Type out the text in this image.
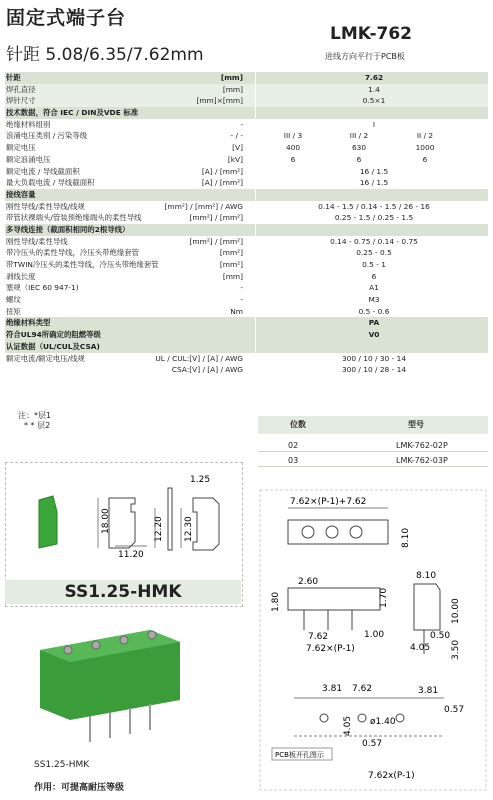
固定式端子台
针距 5.08/6.35/7.62mm
LMK-762
进线方向平行于PCB板
针距	[mm]	7.62
焊孔直径	[mm]	1.4
焊针尺寸	[mm]×[mm]	0.5×1
技术数据，符合 IEC / DIN及VDE 标准
绝缘材料组别	-	I
浪涌电压类别 / 污染等级	- / -	III / 3	III / 2	II / 2
额定电压	[V]	400	630	1000
额定浪涌电压	[kV]	6	6	6
额定电流 / 导线截面积	[A] / [mm²]	16 / 1.5
最大负载电流 / 导线截面积	[A] / [mm²]	16 / 1.5
接线容量
刚性导线/柔性导线/线规	[mm²] / [mm²] / AWG	0.14 - 1.5 / 0.14 - 1.5 / 26 - 16
带管状裸端头/管装预绝缘端头的柔性导线	[mm²] / [mm²]	0.25 - 1.5 / 0.25 - 1.5
多导线连接（截面积相同的2根导线）
刚性导线/柔性导线	[mm²] / [mm²]	0.14 - 0.75 / 0.14 - 0.75
带冷压头的柔性导线，冷压头带绝缘套管	[mm²]	0.25 - 0.5
带TWIN冷压头的柔性导线，冷压头带绝缘套管	[mm²]	0.5 - 1
剥线长度	[mm]	6
塞规（IEC 60 947-1)	-	A1
螺纹	-	M3
扭矩	Nm	0.5 - 0.6
绝缘材料类型	PA
符合UL94所确定的阻燃等级	V0
认证数据（UL/CUL及CSA)
额定电流/额定电压/线规	UL / CUL:[V] / [A] / AWG	300 / 10 / 30 - 14
CSA:[V] / [A] / AWG	300 / 10 / 28 - 14
注：*层1
* * 层2	位数	型号
02	LMK-762-02P
03	LMK-762-03P
1.25
18.00	12.20 12.30
11.20
SS1.25-HMK
SS1.25-HMK
作用：可提高耐压等级
7.62×(P-1)+7.62
8.10
2.60
1.80	1.70
7.62
7.62×(P-1)
1.00
8.10
10.00
0.50
4.05 3.50
3.81 7.62	3.81
4.05
0.57
ø1.40
0.57
7.62x(P-1)
PCB板开孔图示
